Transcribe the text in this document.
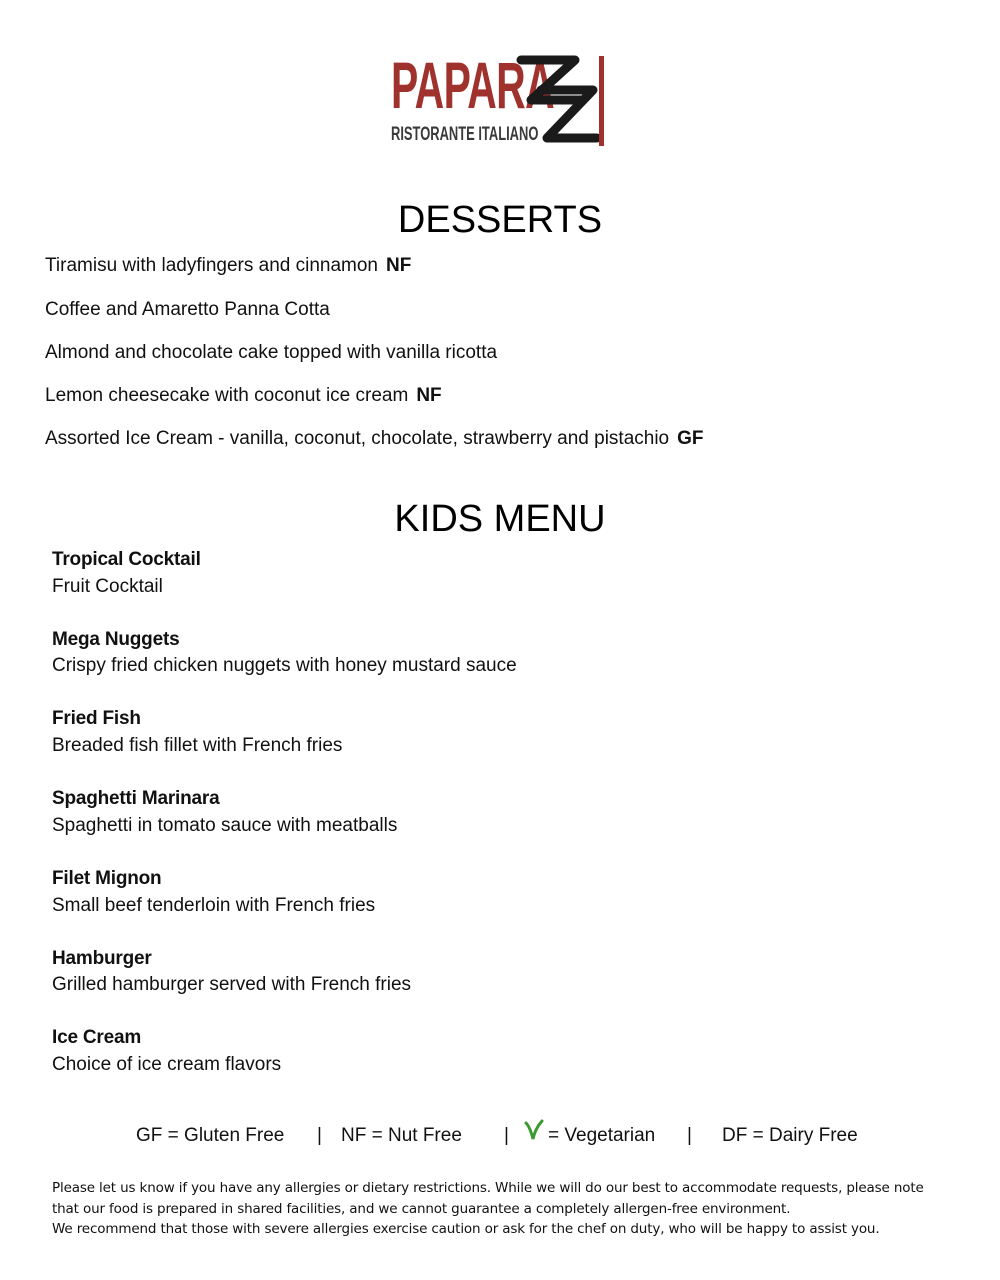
PAPARA
RISTORANTE ITALIANO
DESSERTS
Tiramisu with ladyfingers and cinnamon NF
Coffee and Amaretto Panna Cotta
Almond and chocolate cake topped with vanilla ricotta
Lemon cheesecake with coconut ice cream NF
Assorted Ice Cream - vanilla, coconut, chocolate, strawberry and pistachio GF
KIDS MENU
Tropical Cocktail
Fruit Cocktail
Mega Nuggets
Crispy fried chicken nuggets with honey mustard sauce
Fried Fish
Breaded fish fillet with French fries
Spaghetti Marinara
Spaghetti in tomato sauce with meatballs
Filet Mignon
Small beef tenderloin with French fries
Hamburger
Grilled hamburger served with French fries
Ice Cream
Choice of ice cream flavors
GF = Gluten Free | NF = Nut Free | = Vegetarian | DF = Dairy Free
Please let us know if you have any allergies or dietary restrictions. While we will do our best to accommodate requests, please note
that our food is prepared in shared facilities, and we cannot guarantee a completely allergen-free environment.
We recommend that those with severe allergies exercise caution or ask for the chef on duty, who will be happy to assist you.
